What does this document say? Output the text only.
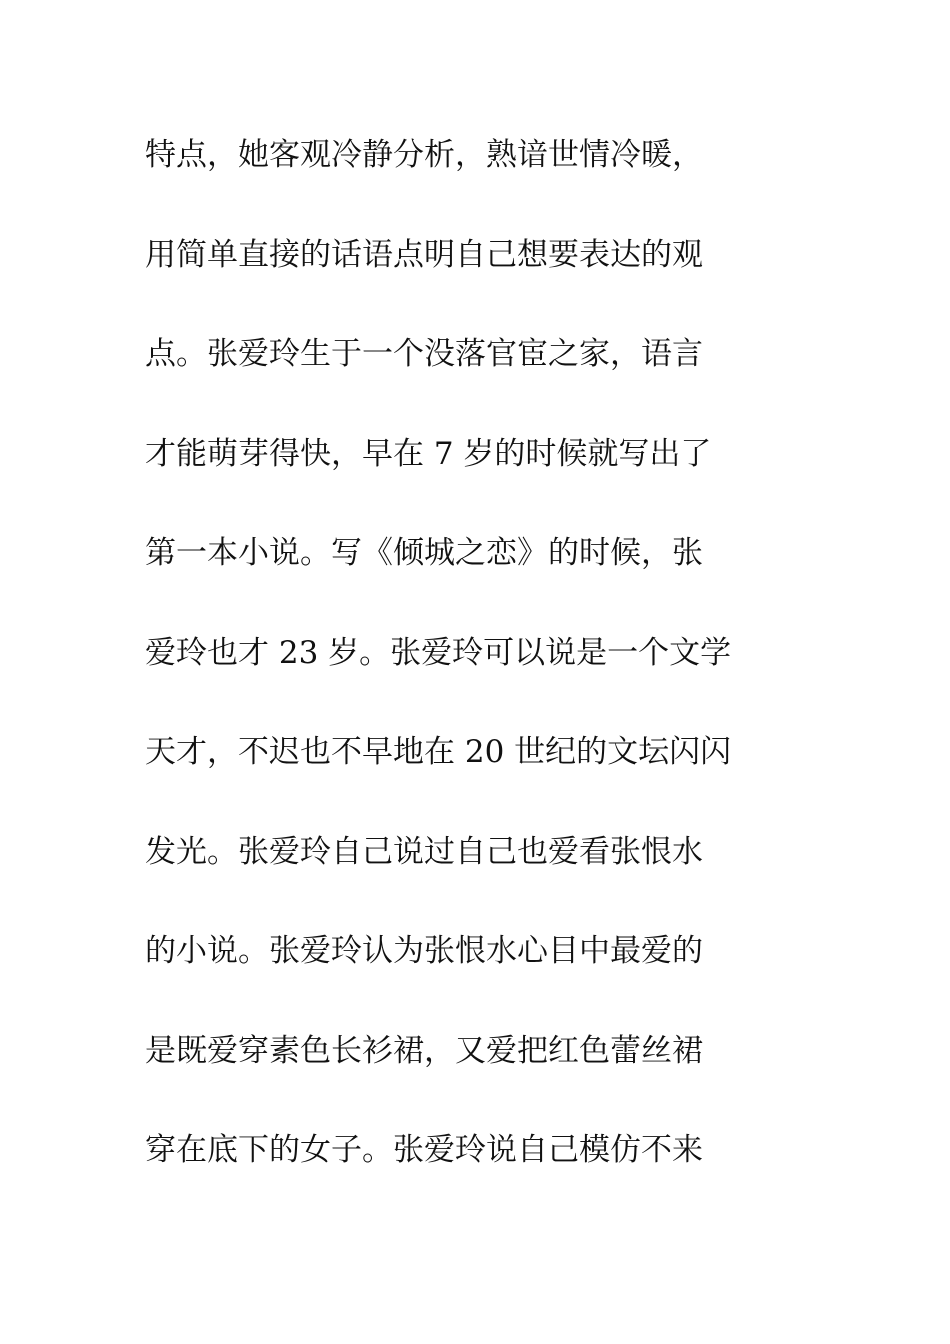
特点，她客观冷静分析，熟谙世情冷暖，
用简单直接的话语点明自己想要表达的观
点。张爱玲生于一个没落官宦之家，语言
才能萌芽得快，早在 7 岁的时候就写出了
第一本小说。写《倾城之恋》的时候，张
爱玲也才 23 岁。张爱玲可以说是一个文学
天才，不迟也不早地在 20 世纪的文坛闪闪
发光。张爱玲自己说过自己也爱看张恨水
的小说。张爱玲认为张恨水心目中最爱的
是既爱穿素色长衫裙，又爱把红色蕾丝裙
穿在底下的女子。张爱玲说自己模仿不来
